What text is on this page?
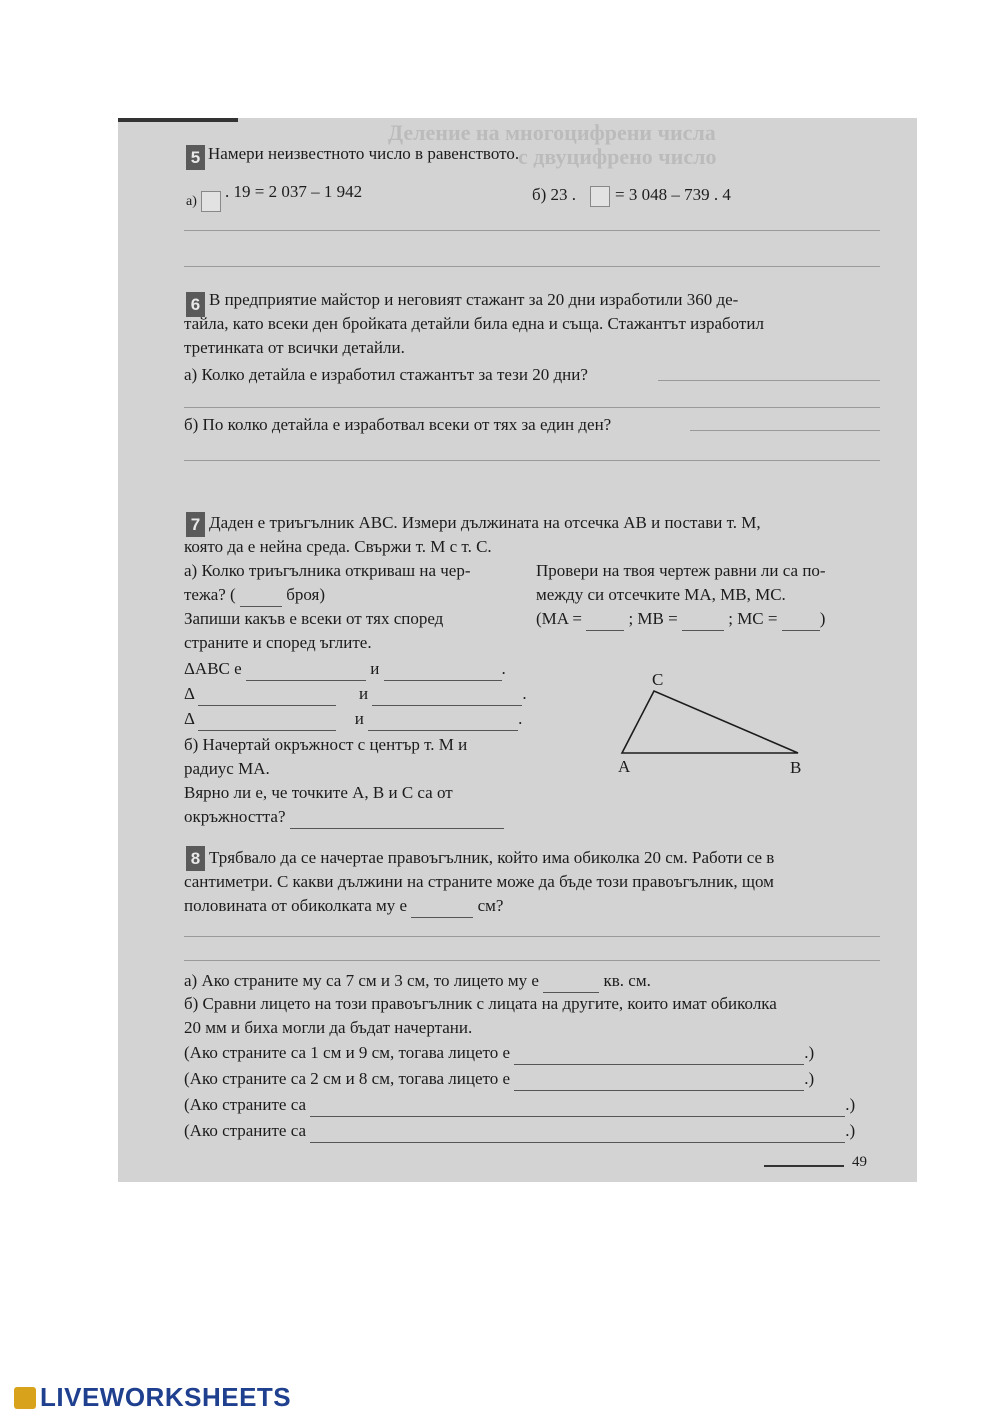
Деление на многоцифрени числа
с двуцифрено число
5 Намери неизвестното число в равенството.
а)
. 19 = 2 037 – 1 942	б) 23 . = 3 048 – 739 . 4
6 В предприятие майстор и неговият стажант за 20 дни изработили 360 де-
тайла, като всеки ден бройката детайли била една и съща. Стажантът изработил
третинката от всички детайли.
а) Колко детайла е изработил стажантът за тези 20 дни?
б) По колко детайла е изработвал всеки от тях за един ден?
7 Даден е триъгълник ABC. Измери дължината на отсечка AB и постави т. M,
която да е нейна среда. Свържи т. M с т. C.
а) Колко триъгълника откриваш на чер-
тежа? (	броя)
Запиши какъв е всеки от тях според
страните и според ъглите.
ΔABC е	и	.
Δ	и	.
Δ	и	.
б) Начертай окръжност с център т. M и
радиус MA.
Вярно ли е, че точките A, B и C са от
окръжността?
Провери на твоя чертеж равни ли са по-
между си отсечките MA, MB, MC.
(MA =	; MB =	; MC = )
A	B
C
8 Трябвало да се начертае правоъгълник, който има обиколка 20 см. Работи се в
сантиметри. С какви дължини на страните може да бъде този правоъгълник, щом
половината от обиколката му е	см?
а) Ако страните му са 7 см и 3 см, то лицето му е	кв. см.
б) Сравни лицето на този правоъгълник с лицата на другите, които имат обиколка
20 мм и биха могли да бъдат начертани.
(Ако страните са 1 см и 9 см, тогава лицето е	.)
(Ако страните са 2 см и 8 см, тогава лицето е	.)
(Ако страните са	.)
(Ако страните са	.)
49
LIVEWORKSHEETS
